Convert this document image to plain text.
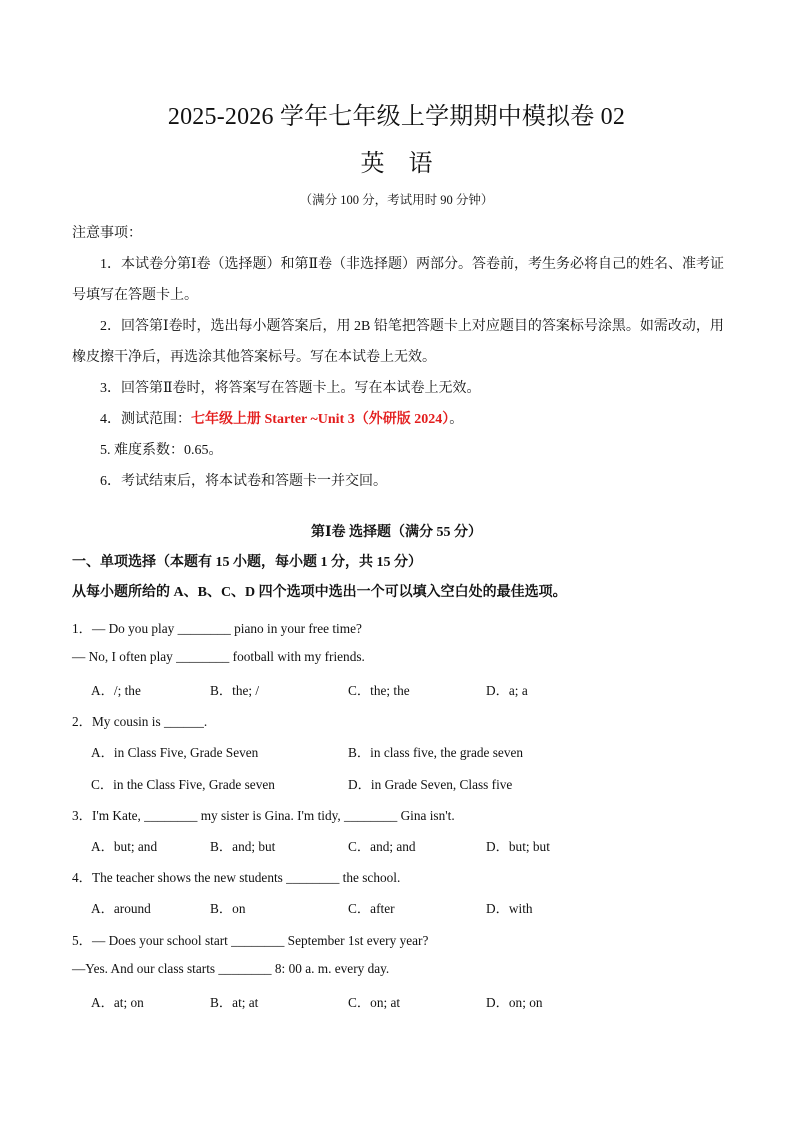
2025-2026 学年七年级上学期期中模拟卷 02
英语
（满分 100 分，考试用时 90 分钟）
注意事项：
1．本试卷分第Ⅰ卷（选择题）和第Ⅱ卷（非选择题）两部分。答卷前，考生务必将自己的姓名、准考证
号填写在答题卡上。
2．回答第Ⅰ卷时，选出每小题答案后，用 2B 铅笔把答题卡上对应题目的答案标号涂黑。如需改动，用
橡皮擦干净后，再选涂其他答案标号。写在本试卷上无效。
3．回答第Ⅱ卷时，将答案写在答题卡上。写在本试卷上无效。
4．测试范围：七年级上册 Starter ~Unit 3（外研版 2024）。
5. 难度系数：0.65。
6．考试结束后，将本试卷和答题卡一并交回。
第Ⅰ卷 选择题（满分 55 分）
一、单项选择（本题有 15 小题，每小题 1 分，共 15 分）
从每小题所给的 A、B、C、D 四个选项中选出一个可以填入空白处的最佳选项。
1．— Do you play ________ piano in your free time?
— No, I often play ________ football with my friends.
A．/; the	B．the; /	C．the; the	D．a; a
2．My cousin is ______.
A．in Class Five, Grade Seven	B．in class five, the grade seven
C．in the Class Five, Grade seven	D．in Grade Seven, Class five
3．I'm Kate, ________ my sister is Gina. I'm tidy, ________ Gina isn't.
A．but; and	B．and; but	C．and; and	D．but; but
4．The teacher shows the new students ________ the school.
A．around	B．on	C．after	D．with
5．— Does your school start ________ September 1st every year?
—Yes. And our class starts ________ 8: 00 a. m. every day.
A．at; on	B．at; at	C．on; at	D．on; on
